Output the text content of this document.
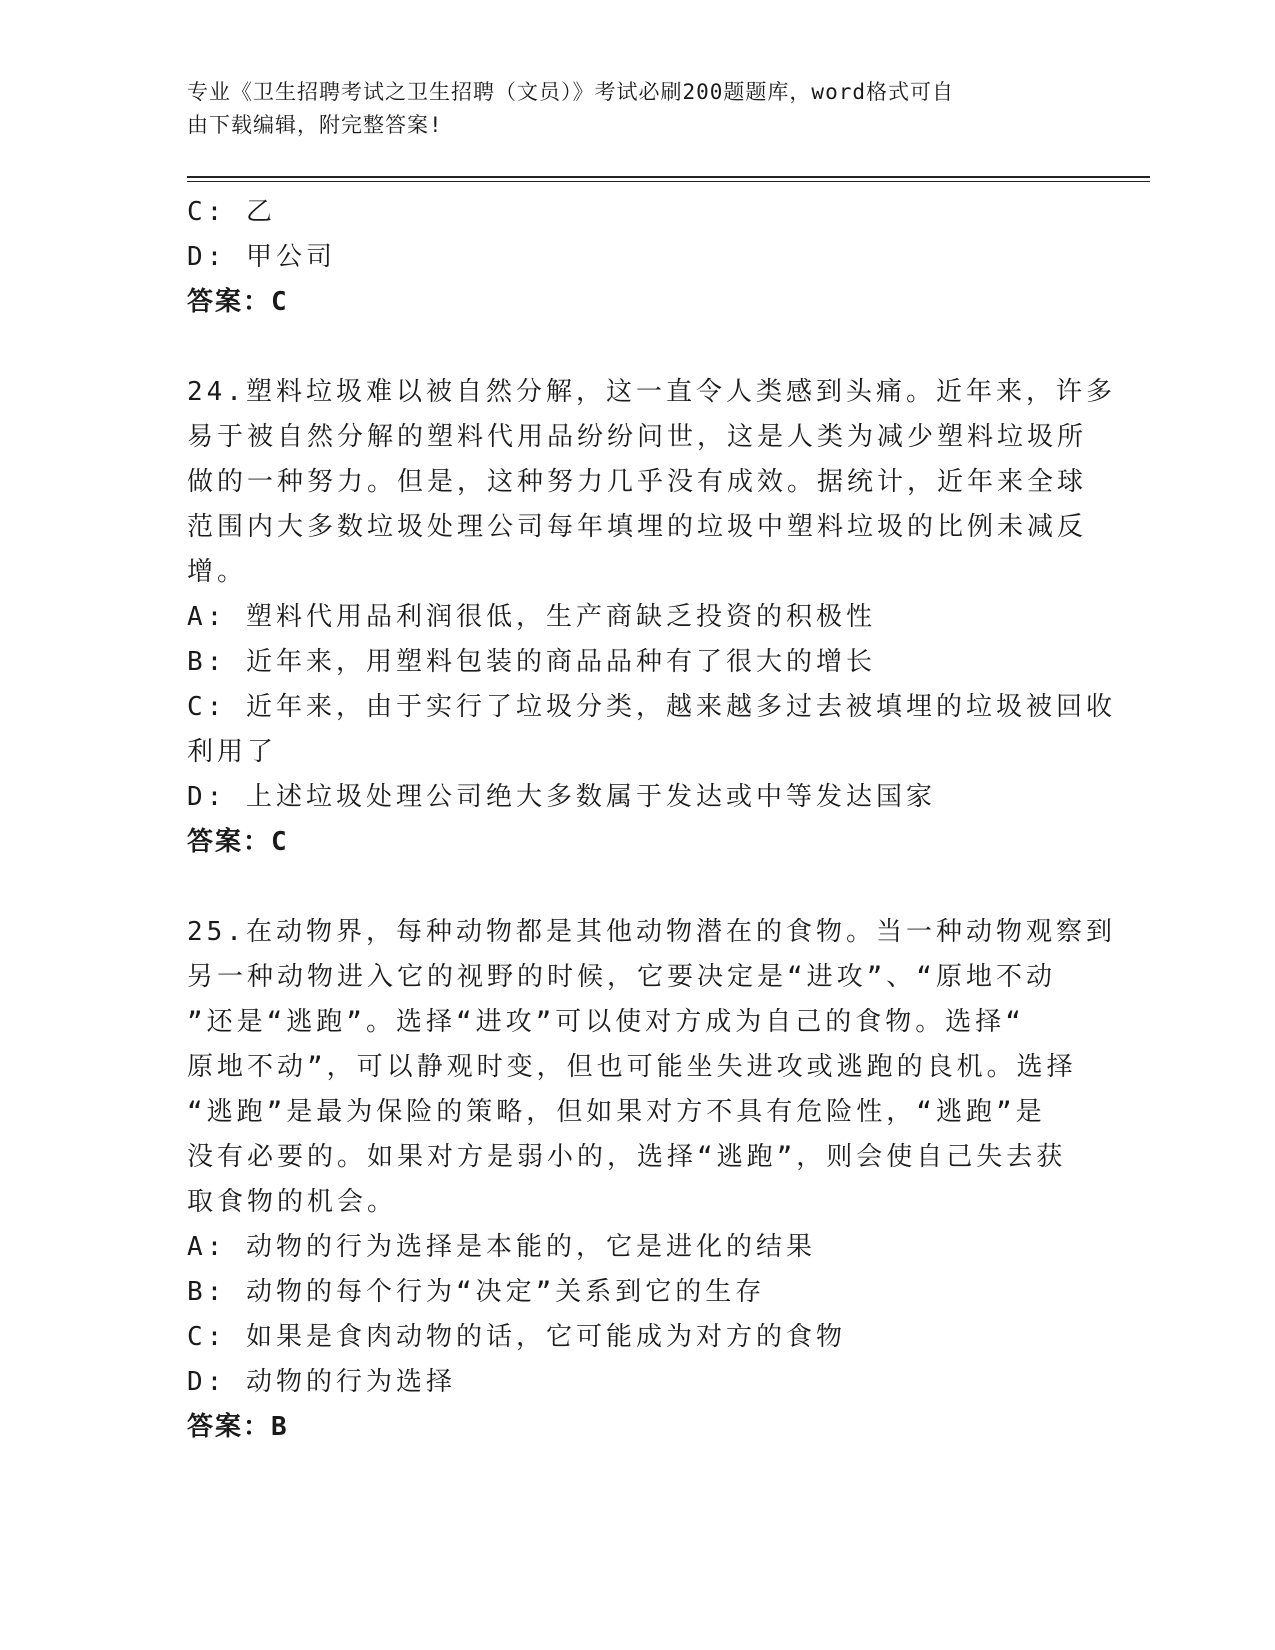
专业《卫生招聘考试之卫生招聘（文员）》考试必刷200题题库，word格式可自
由下载编辑，附完整答案!
C: 乙
D: 甲公司
答案：C
24.塑料垃圾难以被自然分解，这一直令人类感到头痛。近年来，许多
易于被自然分解的塑料代用品纷纷问世，这是人类为减少塑料垃圾所
做的一种努力。但是，这种努力几乎没有成效。据统计，近年来全球
范围内大多数垃圾处理公司每年填埋的垃圾中塑料垃圾的比例未减反
增。
A: 塑料代用品利润很低，生产商缺乏投资的积极性
B: 近年来，用塑料包装的商品品种有了很大的增长
C: 近年来，由于实行了垃圾分类，越来越多过去被填埋的垃圾被回收
利用了
D: 上述垃圾处理公司绝大多数属于发达或中等发达国家
答案：C
25.在动物界，每种动物都是其他动物潜在的食物。当一种动物观察到
另一种动物进入它的视野的时候，它要决定是“进攻”、“原地不动
”还是“逃跑”。选择“进攻”可以使对方成为自己的食物。选择“
原地不动”，可以静观时变，但也可能坐失进攻或逃跑的良机。选择
“逃跑”是最为保险的策略，但如果对方不具有危险性，“逃跑”是
没有必要的。如果对方是弱小的，选择“逃跑”，则会使自己失去获
取食物的机会。
A: 动物的行为选择是本能的，它是进化的结果
B: 动物的每个行为“决定”关系到它的生存
C: 如果是食肉动物的话，它可能成为对方的食物
D: 动物的行为选择
答案：B
